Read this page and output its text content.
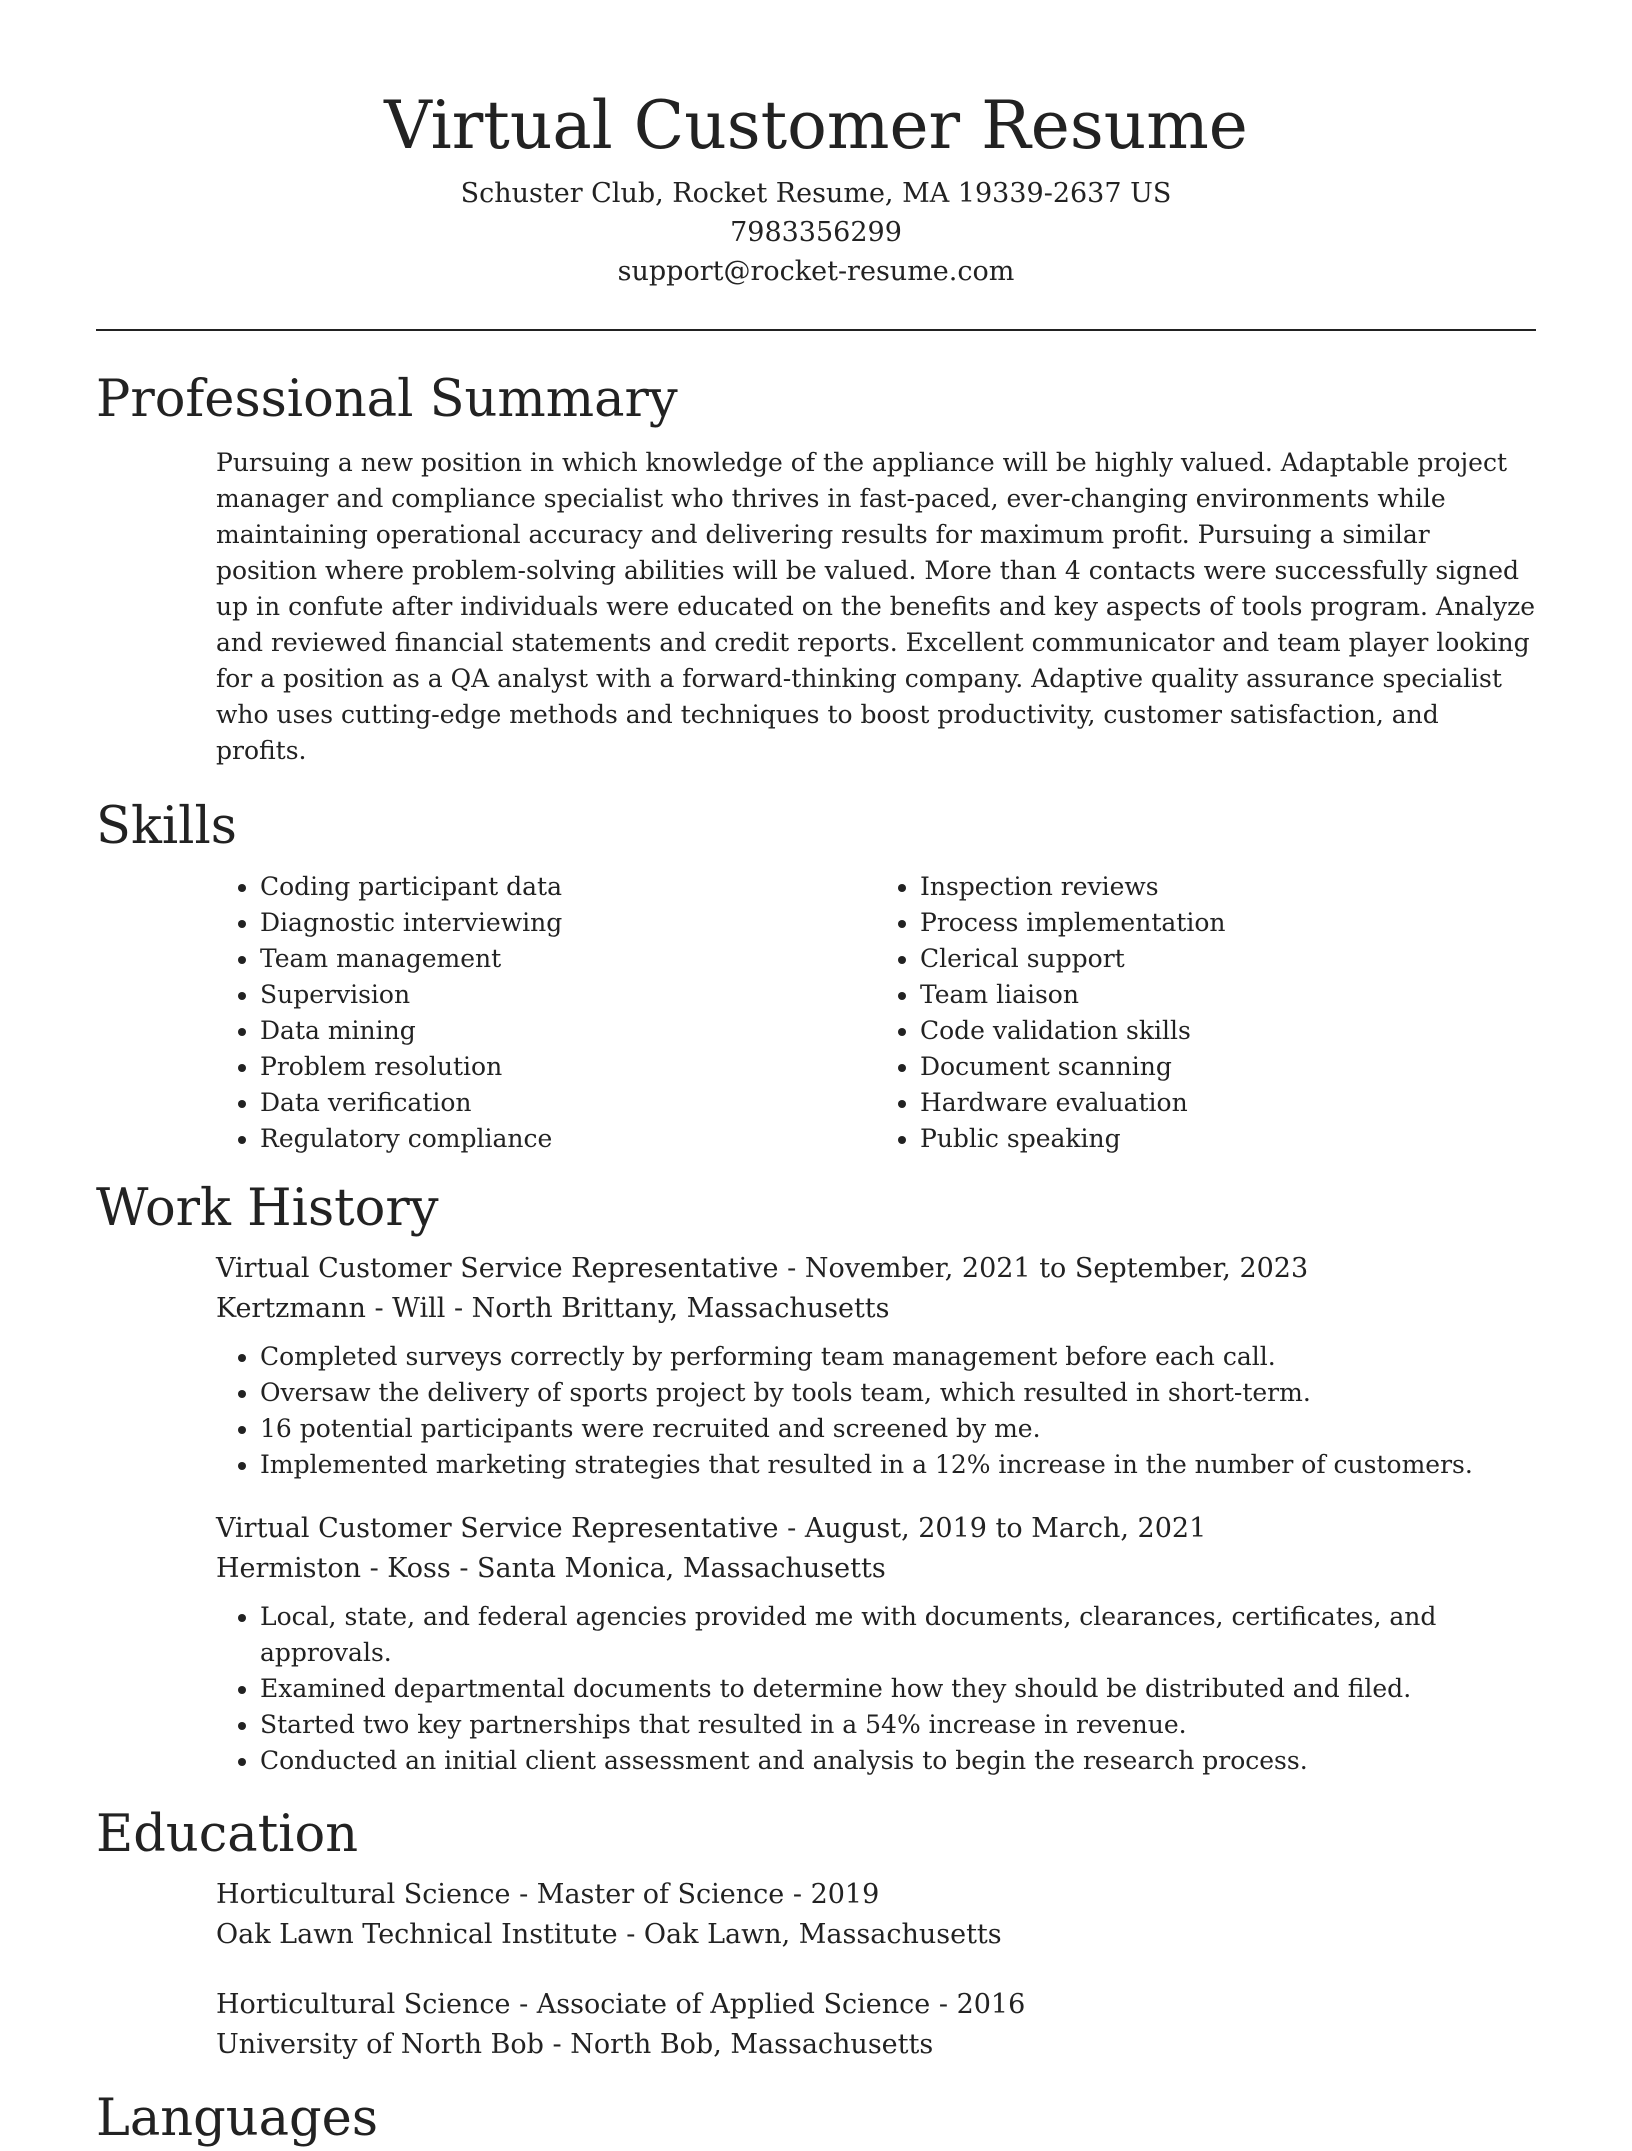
Virtual Customer Resume

Schuster Club, Rocket Resume, MA 19339-2637 US

7983356299

support@rocket-resume.com

Professional Summary

Pursuing a new position in which knowledge of the appliance will be highly valued. Adaptable project manager and compliance specialist who thrives in fast-paced, ever-changing environments while maintaining operational accuracy and delivering results for maximum profit. Pursuing a similar position where problem-solving abilities will be valued. More than 4 contacts were successfully signed up in confute after individuals were educated on the benefits and key aspects of tools program. Analyze and reviewed financial statements and credit reports. Excellent communicator and team player looking for a position as a QA analyst with a forward-thinking company. Adaptive quality assurance specialist who uses cutting-edge methods and techniques to boost productivity, customer satisfaction, and profits.

Skills
• Coding participant data
• Diagnostic interviewing
• Team management
• Supervision
• Data mining
• Problem resolution
• Data verification
• Regulatory compliance
• Inspection reviews
• Process implementation
• Clerical support
• Team liaison
• Code validation skills
• Document scanning
• Hardware evaluation
• Public speaking
Work History

Virtual Customer Service Representative - November, 2021 to September, 2023

Kertzmann - Will - North Brittany, Massachusetts

• Completed surveys correctly by performing team management before each call.
• Oversaw the delivery of sports project by tools team, which resulted in short-term.
• 16 potential participants were recruited and screened by me.
• Implemented marketing strategies that resulted in a 12% increase in the number of customers.

Virtual Customer Service Representative - August, 2019 to March, 2021

Hermiston - Koss - Santa Monica, Massachusetts

• Local, state, and federal agencies provided me with documents, clearances, certificates, and approvals.
• Examined departmental documents to determine how they should be distributed and filed.
• Started two key partnerships that resulted in a 54% increase in revenue.
• Conducted an initial client assessment and analysis to begin the research process.
Education

Horticultural Science - Master of Science - 2019

Oak Lawn Technical Institute - Oak Lawn, Massachusetts

Horticultural Science - Associate of Applied Science - 2016

University of North Bob - North Bob, Massachusetts

Languages
